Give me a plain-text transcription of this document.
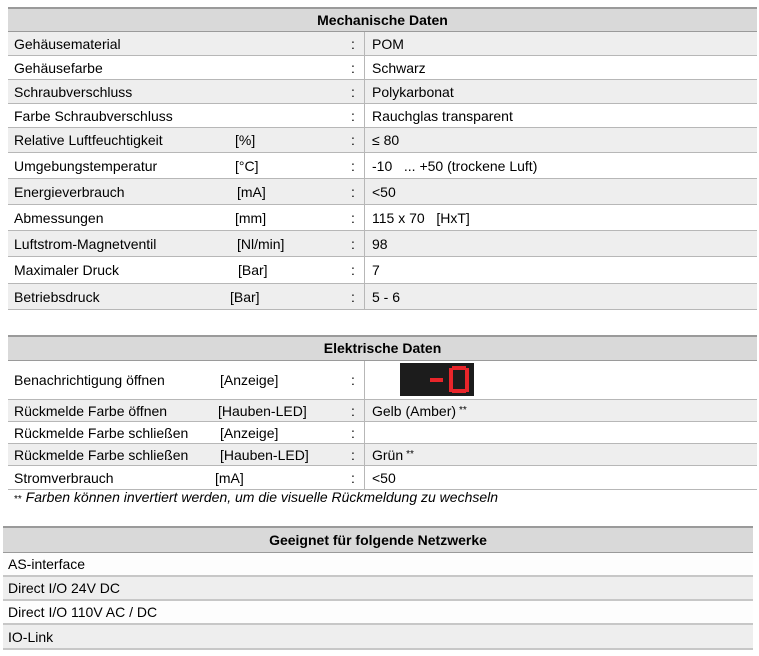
Mechanische Daten
Gehäusematerial	: POM
Gehäusefarbe	: Schwarz
Schraubverschluss	: Polykarbonat
Farbe Schraubverschluss	: Rauchglas transparent
Relative Luftfeuchtigkeit	[%]	: ≤ 80
Umgebungstemperatur	[°C]	: -10   ... +50 (trockene Luft)
Energieverbrauch	[mA]	: <50
Abmessungen	[mm]	: 115 x 70   [HxT]
Luftstrom-Magnetventil	[Nl/min]	: 98
Maximaler Druck	[Bar]	: 7
Betriebsdruck	[Bar]	: 5 - 6
Elektrische Daten
Benachrichtigung öffnen	[Anzeige]	:
Rückmelde Farbe öffnen	[Hauben-LED]	: Gelb (Amber) **
Rückmelde Farbe schließen [Anzeige]	:
Rückmelde Farbe schließen [Hauben-LED]	: Grün **
Stromverbrauch	[mA]	: <50
** Farben können invertiert werden, um die visuelle Rückmeldung zu wechseln
Geeignet für folgende Netzwerke
AS-interface
Direct I/O 24V DC
Direct I/O 110V AC / DC
IO-Link
